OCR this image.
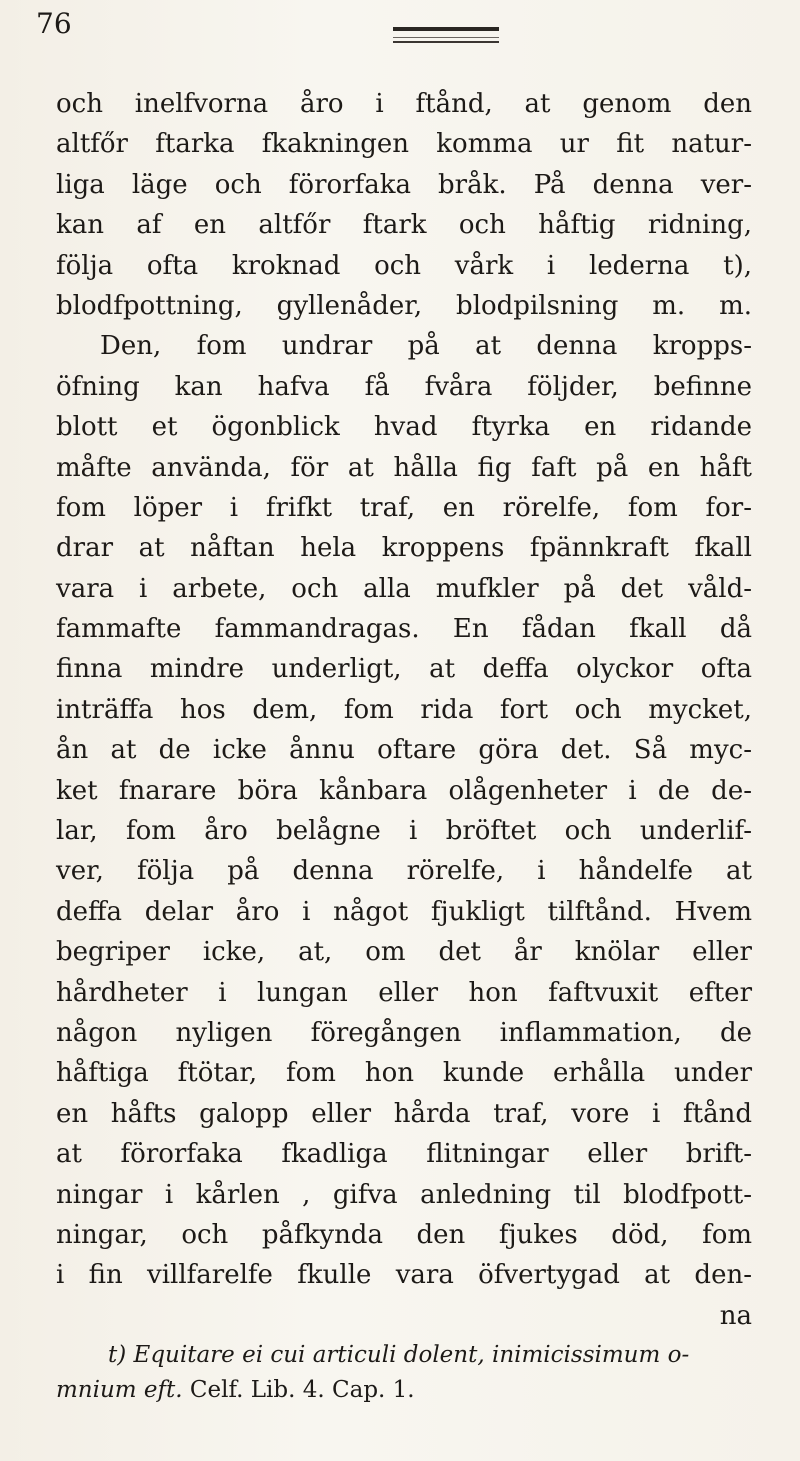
76
och inelfvorna åro i ftånd, at genom den
altfőr ftarka fkakningen komma ur fit natur-
liga läge och förorfaka bråk. På denna ver-
kan af en altfőr ftark och håftig ridning,
följa ofta kroknad och vårk i lederna t),
blodfpottning, gyllenåder, blodpilsning m. m.
Den, fom undrar på at denna kropps-
öfning kan hafva få fvåra följder, befinne
blott et ögonblick hvad ftyrka en ridande
måfte använda, för at hålla fig faft på en håft
fom löper i frifkt traf, en rörelfe, fom for-
drar at nåftan hela kroppens fpännkraft fkall
vara i arbete, och alla mufkler på det våld-
fammafte fammandragas. En fådan fkall då
finna mindre underligt, at deffa olyckor ofta
inträffa hos dem, fom rida fort och mycket,
ån at de icke ånnu oftare göra det. Så myc-
ket fnarare böra kånbara olågenheter i de de-
lar, fom åro belågne i bröftet och underlif-
ver, följa på denna rörelfe, i håndelfe at
deffa delar åro i något fjukligt tilftånd. Hvem
begriper icke, at, om det år knölar eller
hårdheter i lungan eller hon faftvuxit efter
någon nyligen föregången inflammation, de
håftiga ftötar, fom hon kunde erhålla under
en håfts galopp eller hårda traf, vore i ftånd
at förorfaka fkadliga flitningar eller brift-
ningar i kårlen , gifva anledning til blodfpott-
ningar, och påfkynda den fjukes död, fom
i fin villfarelfe fkulle vara öfvertygad at den-
na
t) Equitare ei cui articuli dolent, inimicissimum o-
mnium eft. Celf. Lib. 4. Cap. 1.
